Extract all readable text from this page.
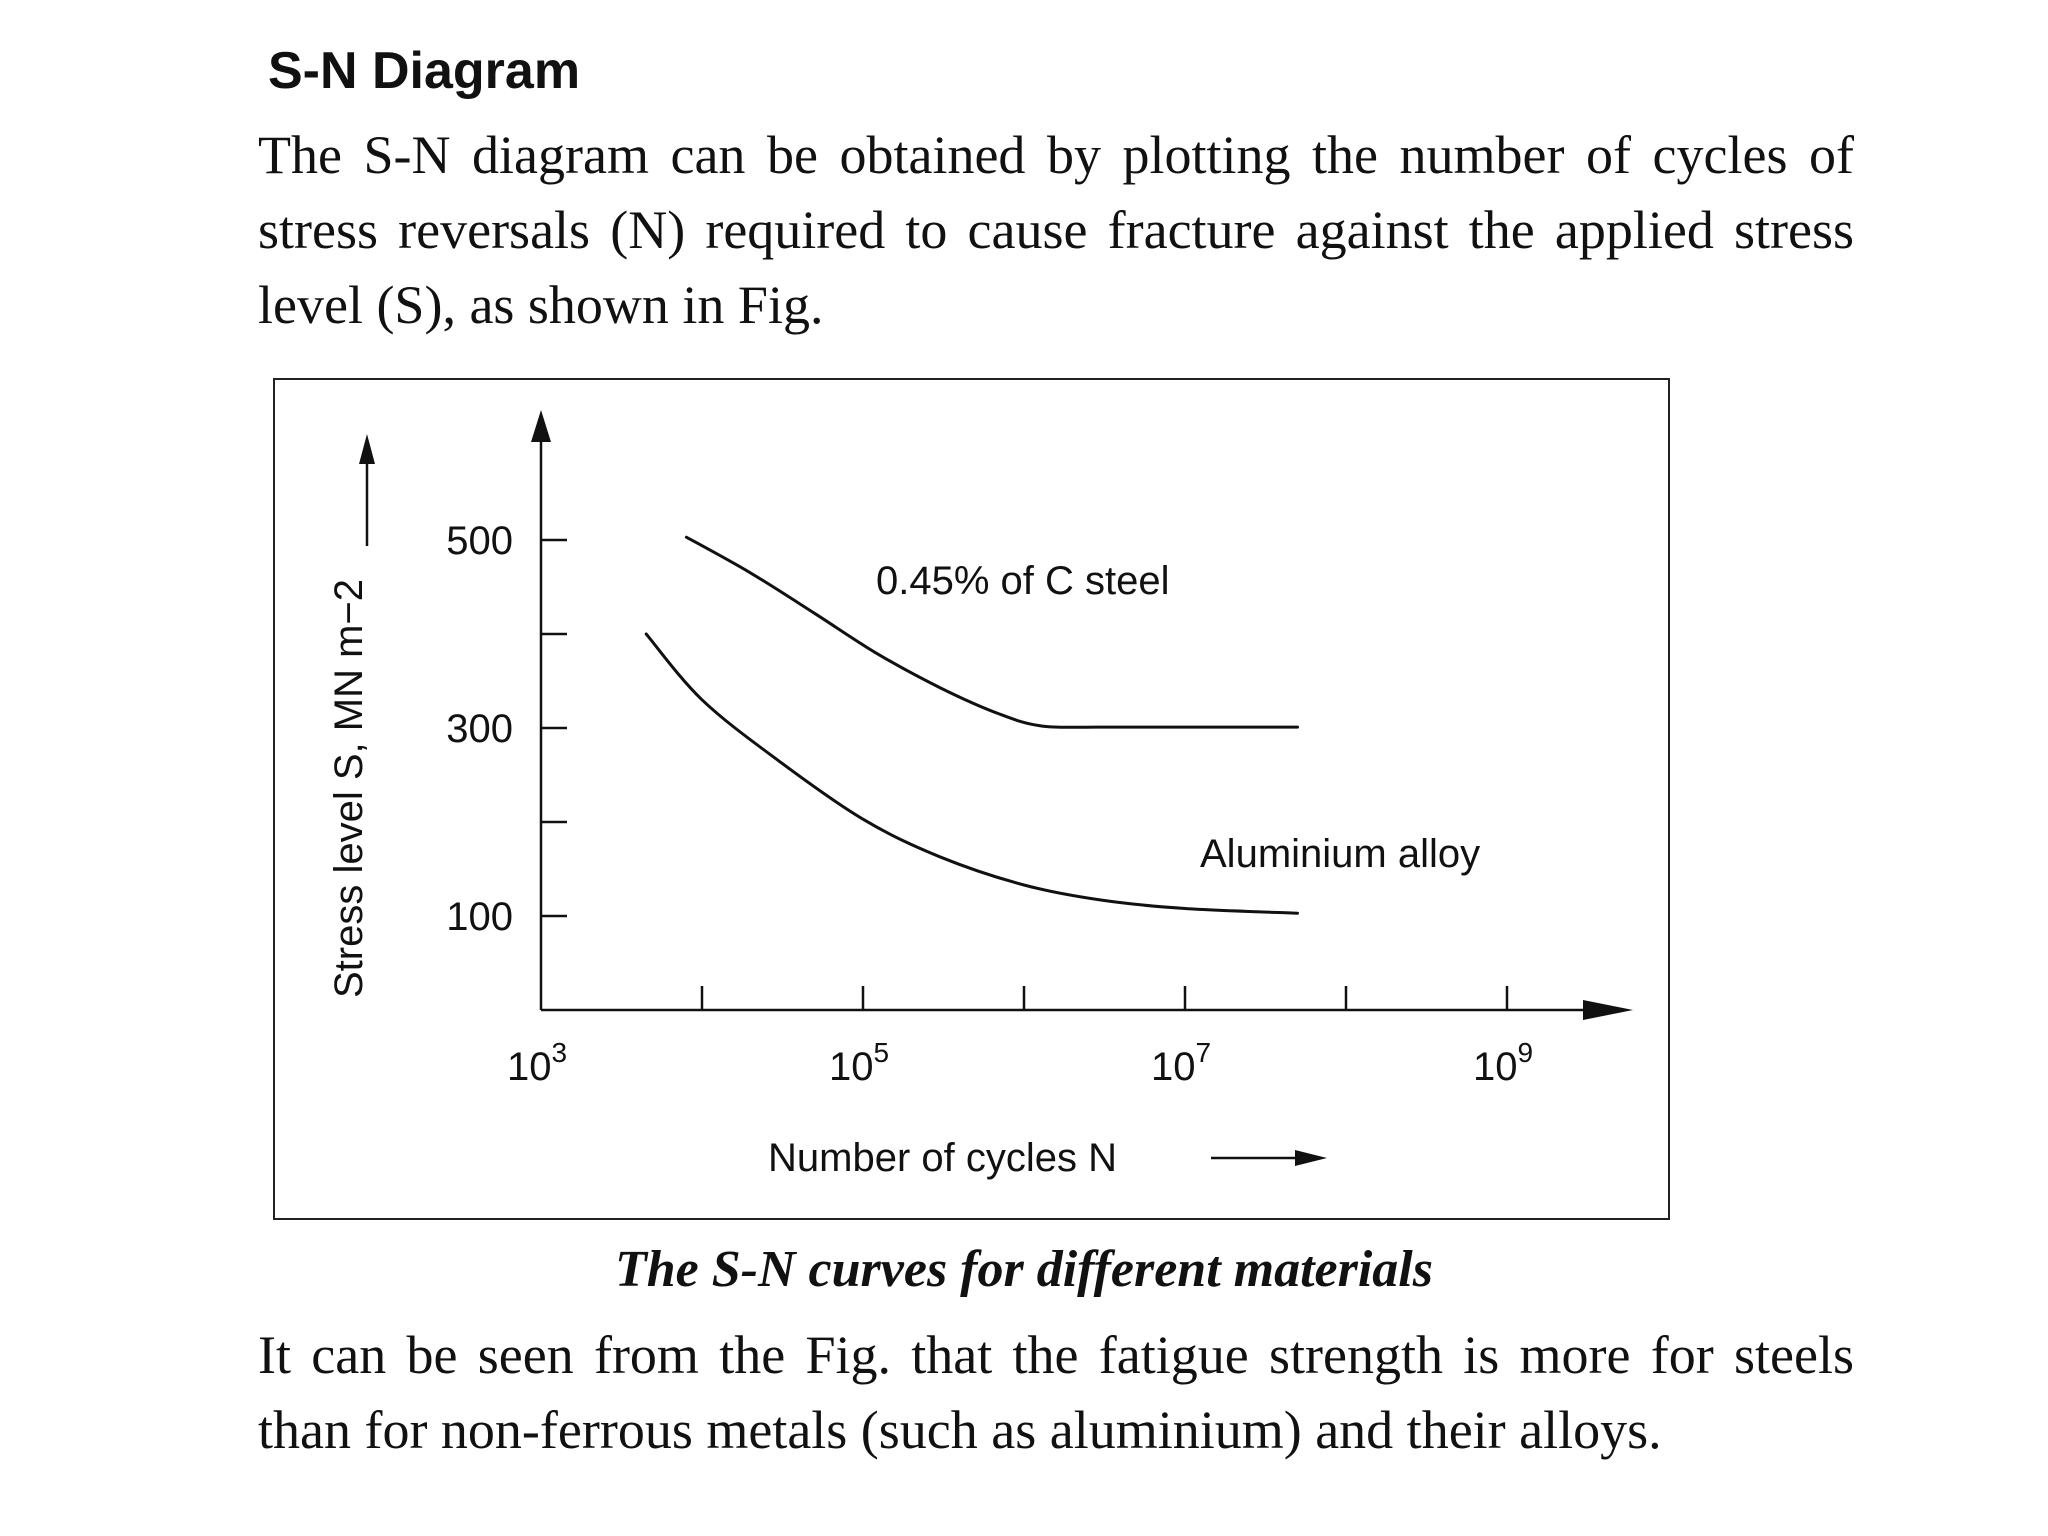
S-N Diagram

The S-N diagram can be obtained by plotting the number of cycles of stress reversals (N) required to cause fracture against the applied stress level (S), as shown in Fig.

100
300
500
$10^3$	$10^5$	$10^7$	$10^9$
0.45% of C steel
Aluminium alloy
Stress level S, MN m−2
Number of cycles N

The S-N curves for different materials

It can be seen from the Fig. that the fatigue strength is more for steels than for non-ferrous metals (such as aluminium) and their alloys.
